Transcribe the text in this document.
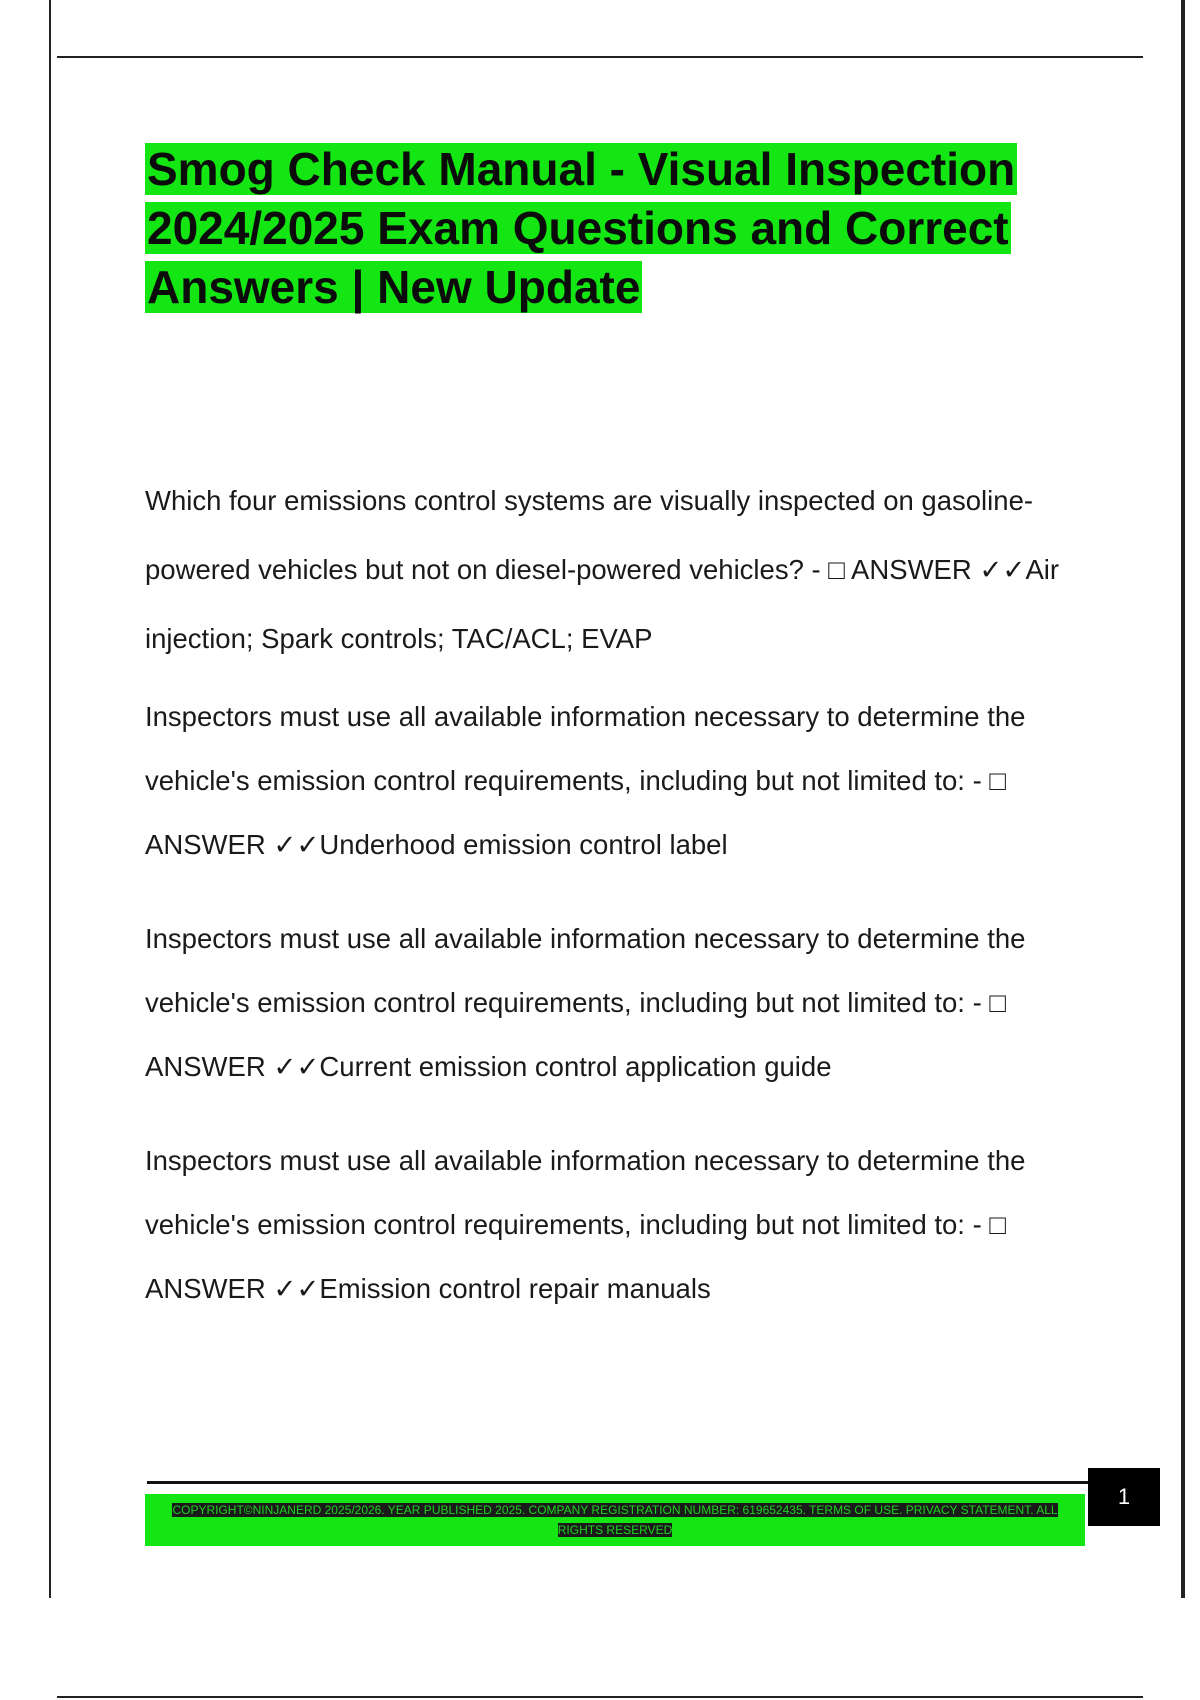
Smog Check Manual - Visual Inspection 2024/2025 Exam Questions and Correct Answers | New Update

Which four emissions control systems are visually inspected on gasoline-powered vehicles but not on diesel-powered vehicles? - □ ANSWER ✓✓Air injection; Spark controls; TAC/ACL; EVAP

Inspectors must use all available information necessary to determine the vehicle's emission control requirements, including but not limited to: - □ ANSWER ✓✓Underhood emission control label

Inspectors must use all available information necessary to determine the vehicle's emission control requirements, including but not limited to: - □ ANSWER ✓✓Current emission control application guide

Inspectors must use all available information necessary to determine the vehicle's emission control requirements, including but not limited to: - □ ANSWER ✓✓Emission control repair manuals

COPYRIGHT©NINJANERD 2025/2026. YEAR PUBLISHED 2025. COMPANY REGISTRATION NUMBER: 619652435. TERMS OF USE. PRIVACY STATEMENT. ALL RIGHTS RESERVED

1
